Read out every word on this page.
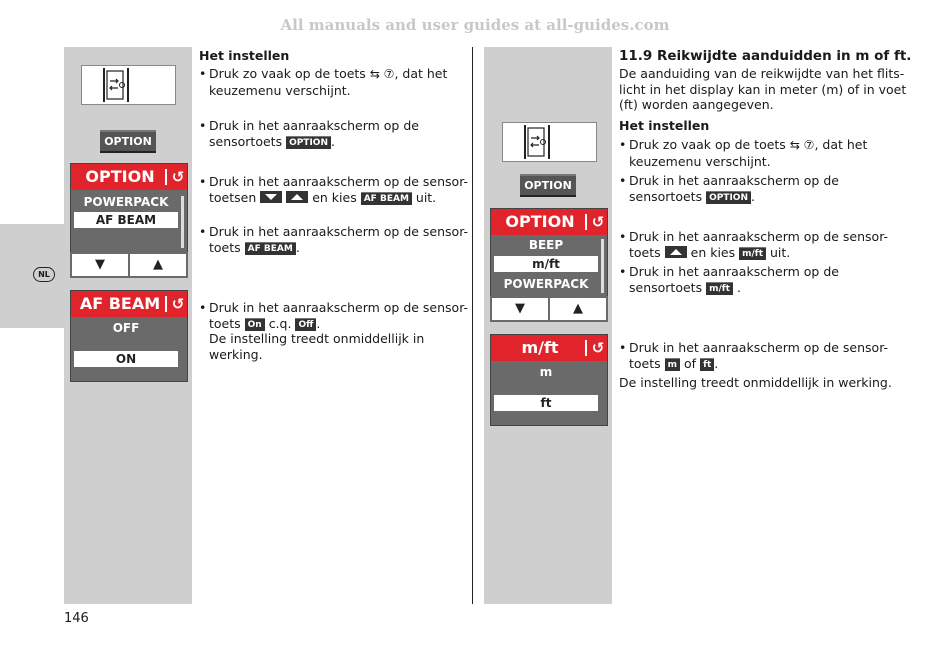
All manuals and user guides at all-guides.com
NL
OPTION
OPTION	↺
POWERPACK
AF BEAM
▼	▲
AF BEAM ↺
OFF
ON
Het instellen
• Druk zo vaak op de toets ⇆ ⑦, dat het
keuzemenu verschijnt.
• Druk in het aanraakscherm op de
sensortoets OPTION .
• Druk in het aanraakscherm op de sensor-
toetsen
	en kies AF BEAM uit.
• Druk in het aanraakscherm op de sensor-
toets AF BEAM .
• Druk in het aanraakscherm op de sensor-
toets On c.q. Off .
De instelling treedt onmiddellijk in werking.
OPTION
OPTION	↺
BEEP
m/ft
POWERPACK
▼	▲
m/ft	↺
m
ft
11.9 Reikwijdte aanduidden in m of ft.
De aanduiding van de reikwijdte van het flits-
licht in het display kan in meter (m) of in voet
(ft) worden aangegeven.
Het instellen
• Druk zo vaak op de toets ⇆ ⑦, dat het
keuzemenu verschijnt.
• Druk in het aanraakscherm op de
sensortoets OPTION .
• Druk in het aanraakscherm op de sensor-
toets en kies m/ft uit.
• Druk in het aanraakscherm op de
sensortoets m/ft .
• Druk in het aanraakscherm op de sensor-
toets m of ft .
De instelling treedt onmiddellijk in werking.
146
